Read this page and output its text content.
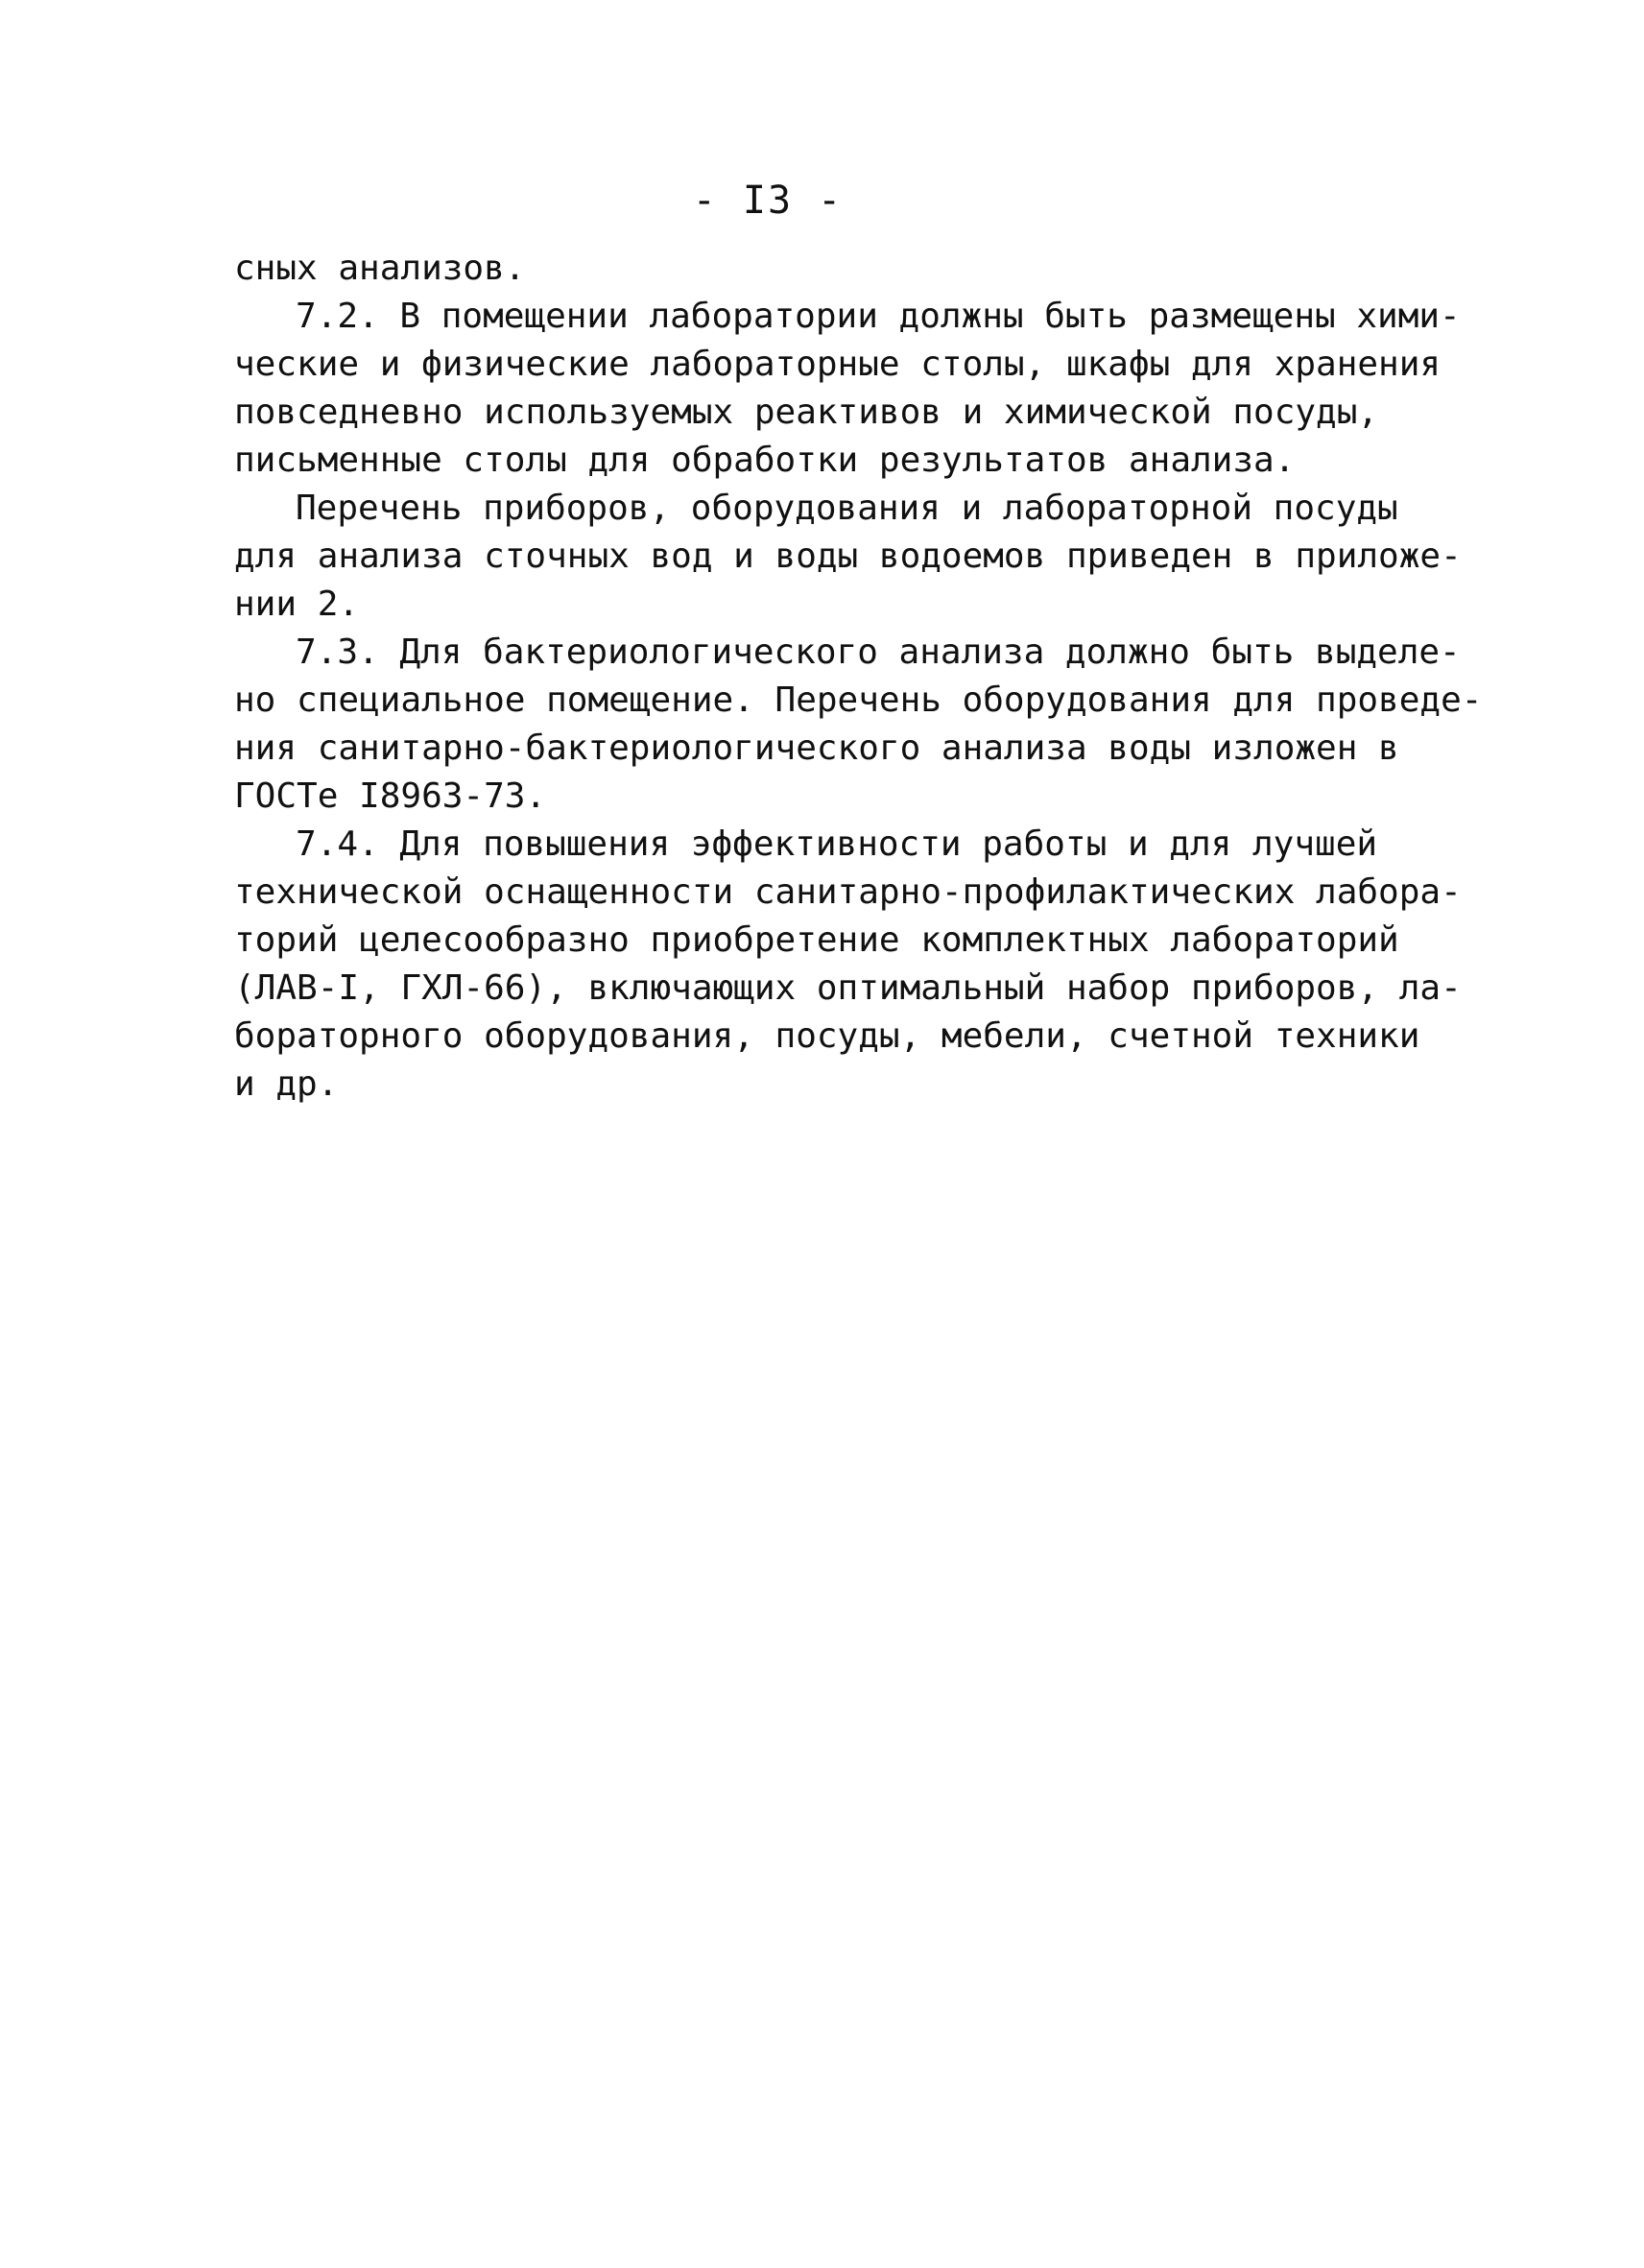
- I3 -
сных анализов.
7.2. В помещении лаборатории должны быть размещены хими-
ческие и физические лабораторные столы, шкафы для хранения
повседневно используемых реактивов и химической посуды,
письменные столы для обработки результатов анализа.
Перечень приборов, оборудования и лабораторной посуды
для анализа сточных вод и воды водоемов приведен в приложе-
нии 2.
7.3. Для бактериологического анализа должно быть выделе-
но специальное помещение. Перечень оборудования для проведе-
ния санитарно-бактериологического анализа воды изложен в
ГОСТе I8963-73.
7.4. Для повышения эффективности работы и для лучшей
технической оснащенности санитарно-профилактических лабора-
торий целесообразно приобретение комплектных лабораторий
(ЛАВ-I, ГХЛ-66), включающих оптимальный набор приборов, ла-
бораторного оборудования, посуды, мебели, счетной техники
и др.
